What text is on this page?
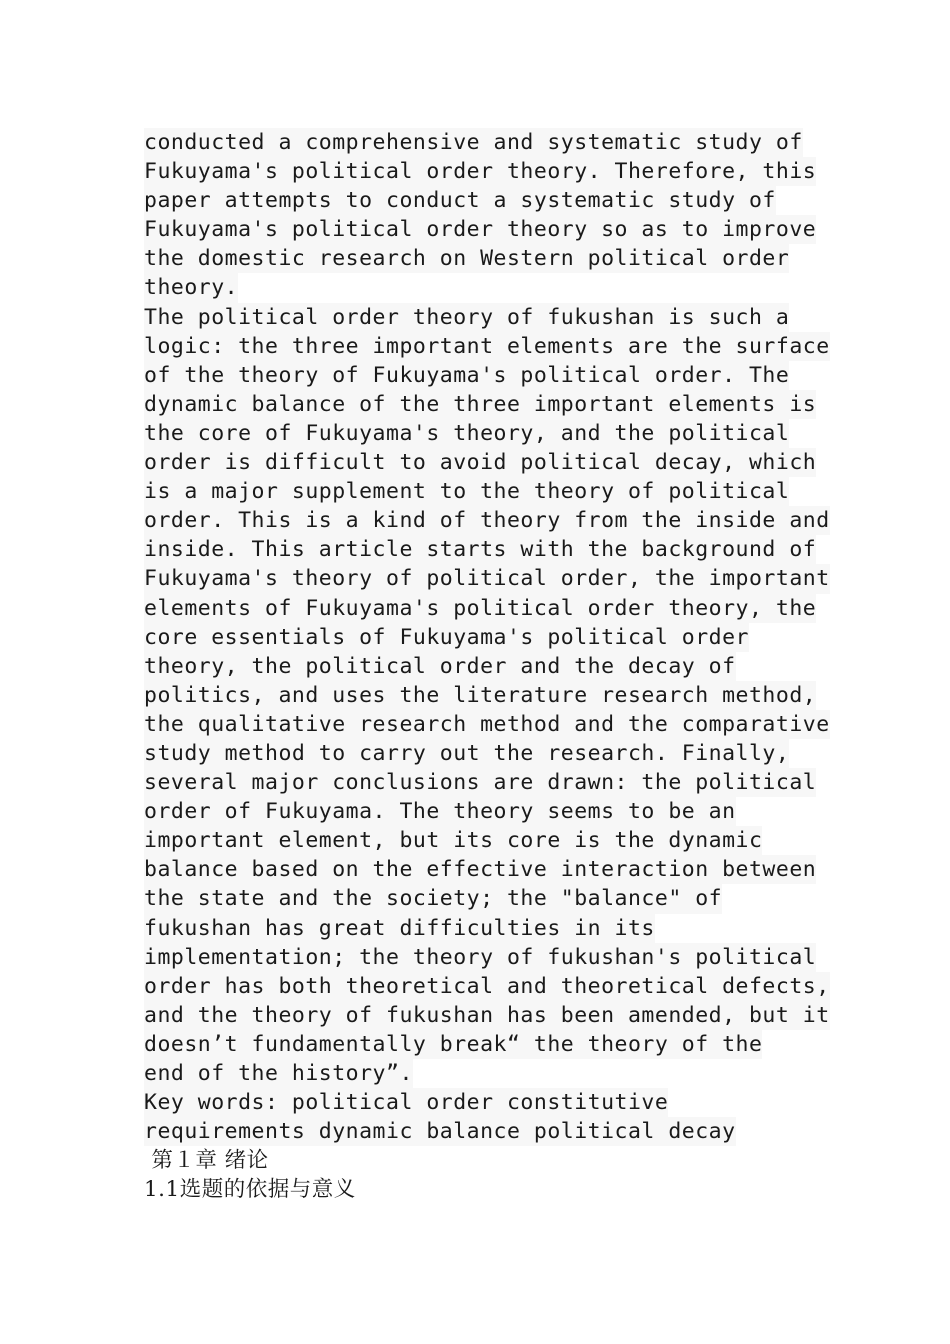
conducted a comprehensive and systematic study of
Fukuyama's political order theory. Therefore, this
paper attempts to conduct a systematic study of
Fukuyama's political order theory so as to improve
the domestic research on Western political order
theory.
The political order theory of fukushan is such a
logic: the three important elements are the surface
of the theory of Fukuyama's political order. The
dynamic balance of the three important elements is
the core of Fukuyama's theory, and the political
order is difficult to avoid political decay, which
is a major supplement to the theory of political
order. This is a kind of theory from the inside and
inside. This article starts with the background of
Fukuyama's theory of political order, the important
elements of Fukuyama's political order theory, the
core essentials of Fukuyama's political order
theory, the political order and the decay of
politics, and uses the literature research method,
the qualitative research method and the comparative
study method to carry out the research. Finally,
several major conclusions are drawn: the political
order of Fukuyama. The theory seems to be an
important element, but its core is the dynamic
balance based on the effective interaction between
the state and the society; the "balance" of
fukushan has great difficulties in its
implementation; the theory of fukushan's political
order has both theoretical and theoretical defects,
and the theory of fukushan has been amended, but it
doesn’t fundamentally break“ the theory of the
end of the history”.
Key words: political order constitutive
requirements dynamic balance political decay
第１章 绪论
1.1选题的依据与意义
